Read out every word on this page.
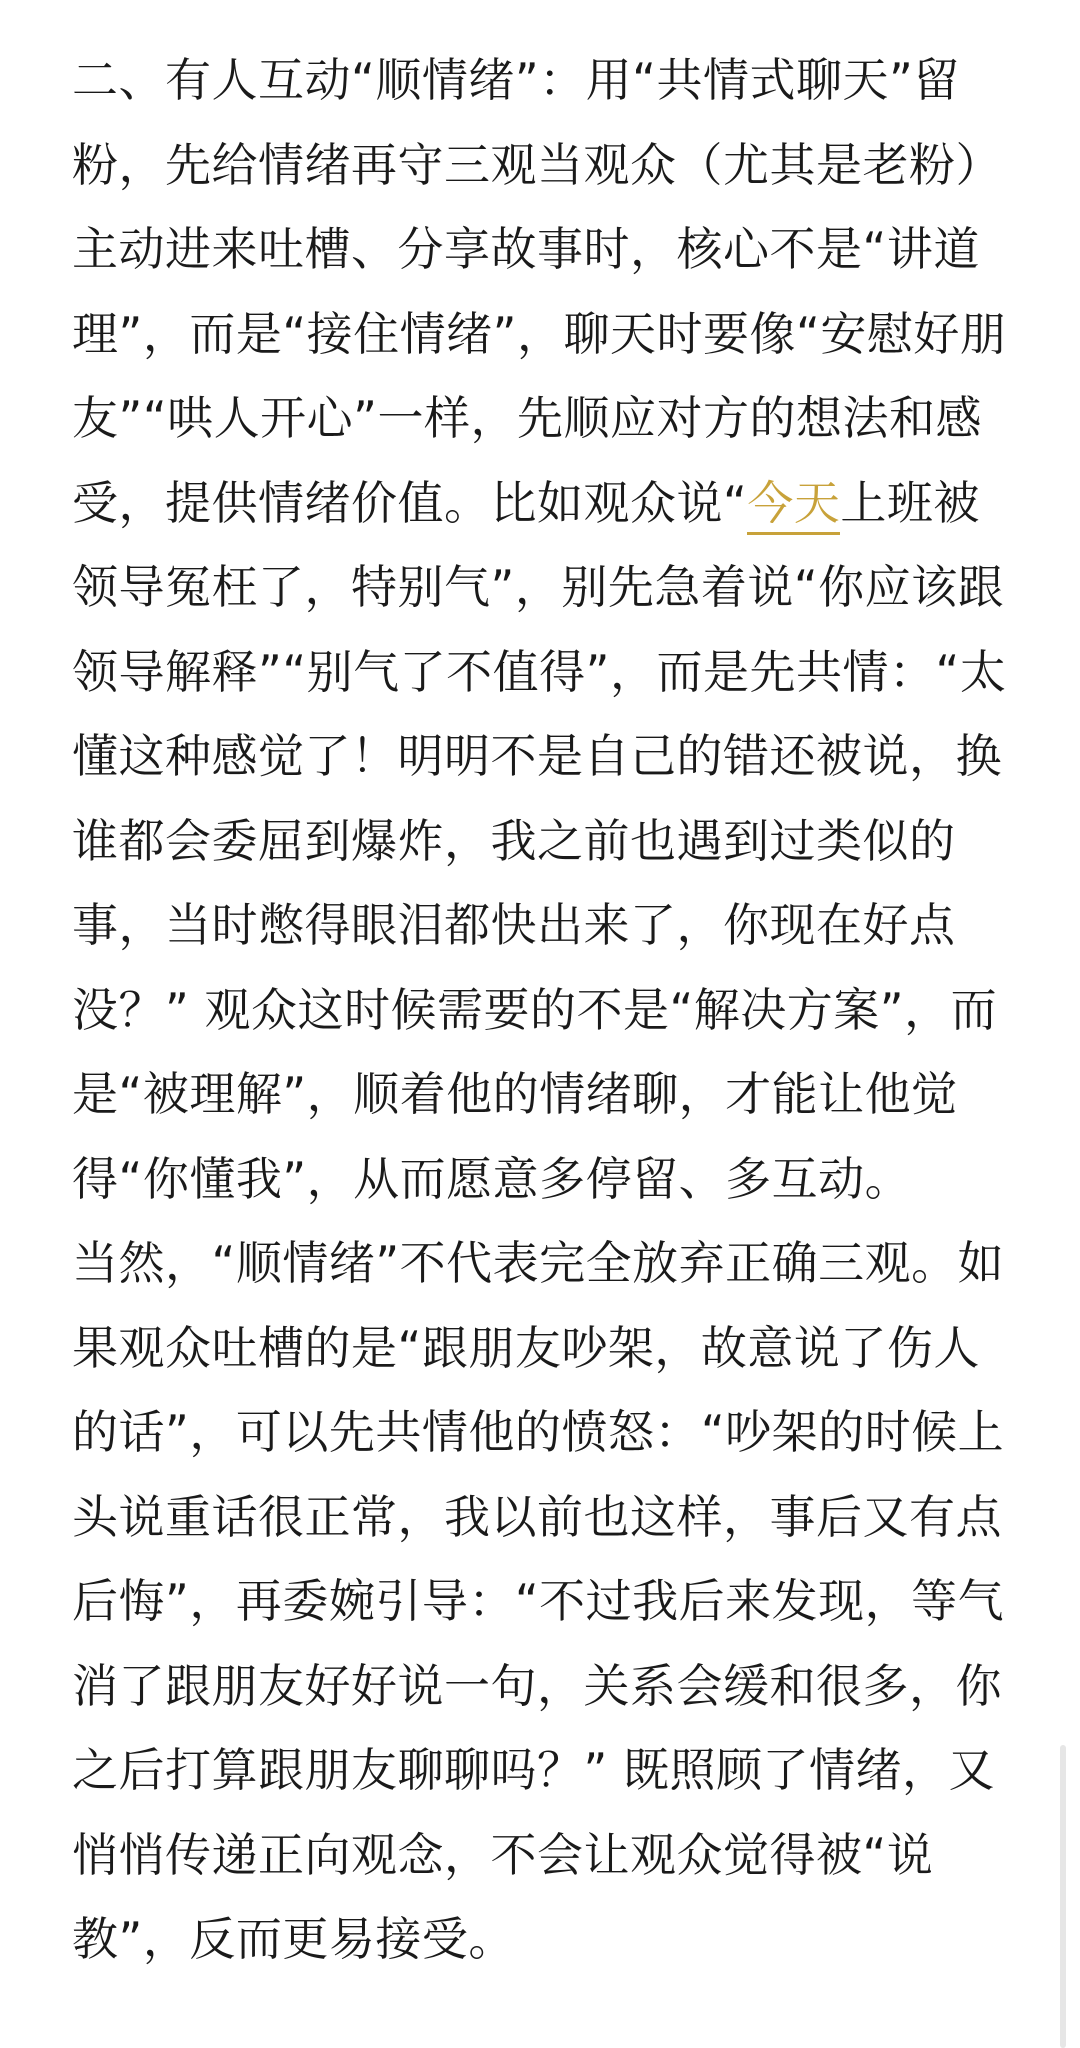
二、有人互动“顺情绪”：用“共情式聊天”留
粉，先给情绪再守三观当观众（尤其是老粉）
主动进来吐槽、分享故事时，核心不是“讲道
理”，而是“接住情绪”，聊天时要像“安慰好朋
友”“哄人开心”一样，先顺应对方的想法和感
受，提供情绪价值。比如观众说“今天上班被
领导冤枉了，特别气”，别先急着说“你应该跟
领导解释”“别气了不值得”，而是先共情：“太
懂这种感觉了！明明不是自己的错还被说，换
谁都会委屈到爆炸，我之前也遇到过类似的
事，当时憋得眼泪都快出来了，你现在好点
没？” 观众这时候需要的不是“解决方案”，而
是“被理解”，顺着他的情绪聊，才能让他觉
得“你懂我”，从而愿意多停留、多互动。
当然，“顺情绪”不代表完全放弃正确三观。如
果观众吐槽的是“跟朋友吵架，故意说了伤人
的话”，可以先共情他的愤怒：“吵架的时候上
头说重话很正常，我以前也这样，事后又有点
后悔”，再委婉引导：“不过我后来发现，等气
消了跟朋友好好说一句，关系会缓和很多，你
之后打算跟朋友聊聊吗？” 既照顾了情绪，又
悄悄传递正向观念，不会让观众觉得被“说
教”，反而更易接受。
